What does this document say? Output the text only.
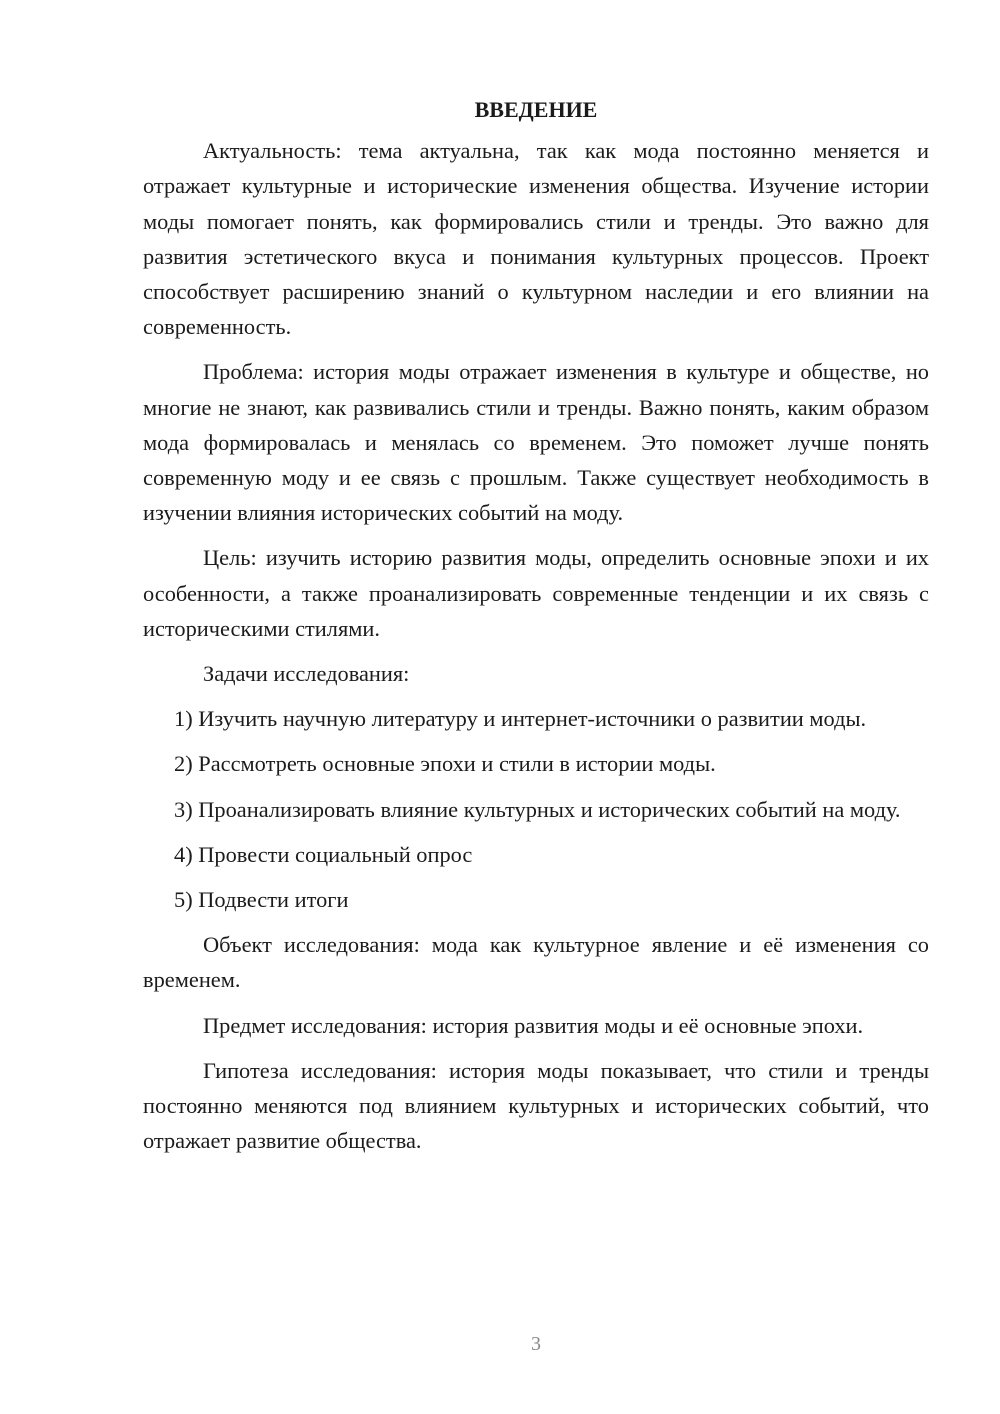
ВВЕДЕНИЕ

Актуальность: тема актуальна, так как мода постоянно меняется и отражает культурные и исторические изменения общества. Изучение истории моды помогает понять, как формировались стили и тренды. Это важно для развития эстетического вкуса и понимания культурных процессов. Проект способствует расширению знаний о культурном наследии и его влиянии на современность.

Проблема: история моды отражает изменения в культуре и обществе, но многие не знают, как развивались стили и тренды. Важно понять, каким образом мода формировалась и менялась со временем. Это поможет лучше понять современную моду и ее связь с прошлым. Также существует необходимость в изучении влияния исторических событий на моду.

Цель: изучить историю развития моды, определить основные эпохи и их особенности, а также проанализировать современные тенденции и их связь с историческими стилями.

Задачи исследования:

1) Изучить научную литературу и интернет-источники о развитии моды.

2) Рассмотреть основные эпохи и стили в истории моды.

3) Проанализировать влияние культурных и исторических событий на моду.

4) Провести социальный опрос

5) Подвести итоги

Объект исследования: мода как культурное явление и её изменения со временем.

Предмет исследования: история развития моды и её основные эпохи.

Гипотеза исследования: история моды показывает, что стили и тренды постоянно меняются под влиянием культурных и исторических событий, что отражает развитие общества.

3
